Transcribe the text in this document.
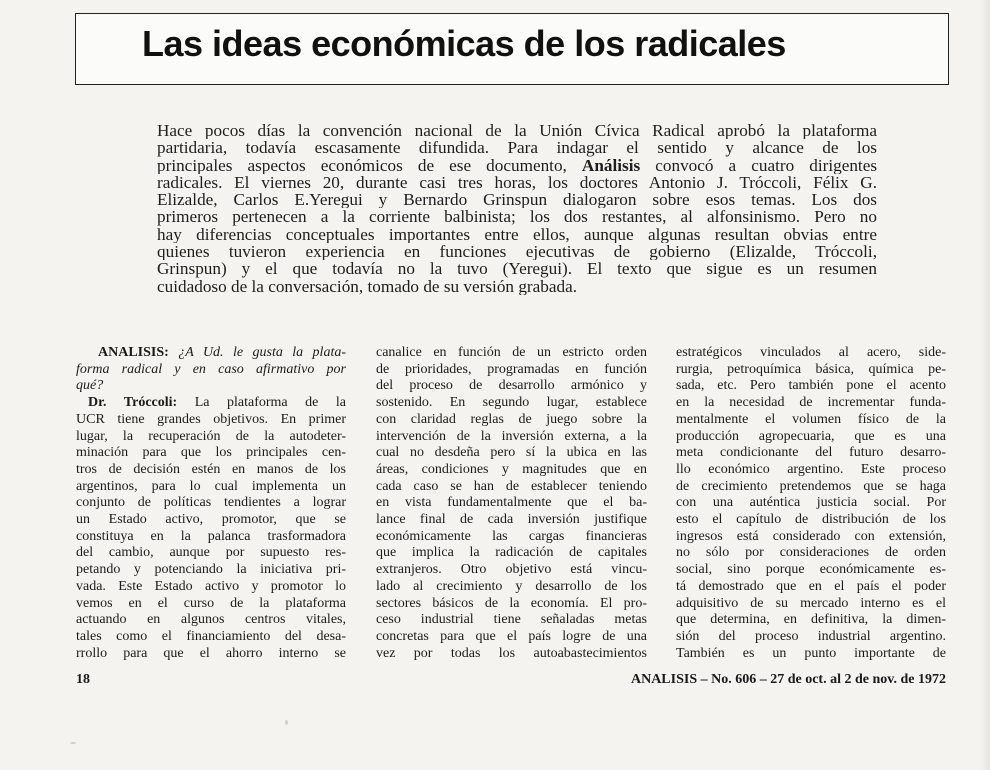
Las ideas económicas de los radicales

Hace pocos días la convención nacional de la Unión Cívica Radical aprobó la plataforma
partidaria, todavía escasamente difundida. Para indagar el sentido y alcance de los
principales aspectos económicos de ese documento, Análisis convocó a cuatro dirigentes
radicales. El viernes 20, durante casi tres horas, los doctores Antonio J. Tróccoli, Félix G.
Elizalde, Carlos E.Yeregui y Bernardo Grinspun dialogaron sobre esos temas. Los dos
primeros pertenecen a la corriente balbinista; los dos restantes, al alfonsinismo. Pero no
hay diferencias conceptuales importantes entre ellos, aunque algunas resultan obvias entre
quienes tuvieron experiencia en funciones ejecutivas de gobierno (Elizalde, Tróccoli,
Grinspun) y el que todavía no la tuvo (Yeregui). El texto que sigue es un resumen
cuidadoso de la conversación, tomado de su versión grabada.

ANALISIS: ¿A Ud. le gusta la plata-
forma radical y en caso afirmativo por
qué?
Dr. Tróccoli: La plataforma de la
UCR tiene grandes objetivos. En primer
lugar, la recuperación de la autodeter-
minación para que los principales cen-
tros de decisión estén en manos de los
argentinos, para lo cual implementa un
conjunto de políticas tendientes a lograr
un Estado activo, promotor, que se
constituya en la palanca trasformadora
del cambio, aunque por supuesto res-
petando y potenciando la iniciativa pri-
vada. Este Estado activo y promotor lo
vemos en el curso de la plataforma
actuando en algunos centros vitales,
tales como el financiamiento del desa-
rrollo para que el ahorro interno se
canalice en función de un estricto orden
de prioridades, programadas en función
del proceso de desarrollo armónico y
sostenido. En segundo lugar, establece
con claridad reglas de juego sobre la
intervención de la inversión externa, a la
cual no desdeña pero sí la ubica en las
áreas, condiciones y magnitudes que en
cada caso se han de establecer teniendo
en vista fundamentalmente que el ba-
lance final de cada inversión justifique
económicamente las cargas financieras
que implica la radicación de capitales
extranjeros. Otro objetivo está vincu-
lado al crecimiento y desarrollo de los
sectores básicos de la economía. El pro-
ceso industrial tiene señaladas metas
concretas para que el país logre de una
vez por todas los autoabastecimientos
estratégicos vinculados al acero, side-
rurgia, petroquímica básica, química pe-
sada, etc. Pero también pone el acento
en la necesidad de incrementar funda-
mentalmente el volumen físico de la
producción agropecuaria, que es una
meta condicionante del futuro desarro-
llo económico argentino. Este proceso
de crecimiento pretendemos que se haga
con una auténtica justicia social. Por
esto el capítulo de distribución de los
ingresos está considerado con extensión,
no sólo por consideraciones de orden
social, sino porque económicamente es-
tá demostrado que en el país el poder
adquisitivo de su mercado interno es el
que determina, en definitiva, la dimen-
sión del proceso industrial argentino.
También es un punto importante de
18	ANALISIS – No. 606 – 27 de oct. al 2 de nov. de 1972
